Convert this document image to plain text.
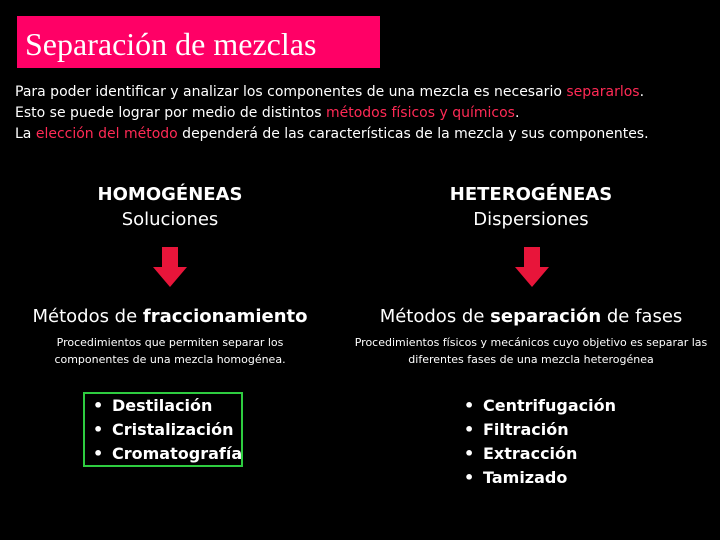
Separación de mezclas
Para poder identificar y analizar los componentes de una mezcla es necesario separarlos.
Esto se puede lograr por medio de distintos métodos físicos y químicos.
La elección del método dependerá de las características de la mezcla y sus componentes.
HOMOGÉNEAS
Soluciones
Métodos de fraccionamiento
Procedimientos que permiten separar los componentes de una mezcla homogénea.
• Destilación
• Cristalización
• Cromatografía
HETEROGÉNEAS
Dispersiones
Métodos de separación de fases
Procedimientos físicos y mecánicos cuyo objetivo es separar las diferentes fases de una mezcla heterogénea
• Centrifugación
• Filtración
• Extracción
• Tamizado
